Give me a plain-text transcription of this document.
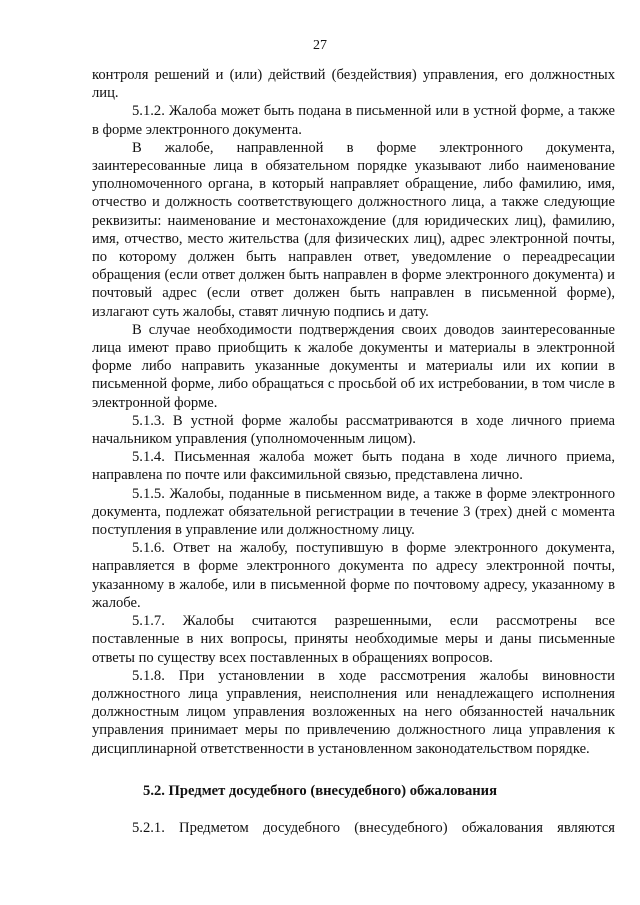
27

контроля решений и (или) действий (бездействия) управления, его должностных лиц.

5.1.2. Жалоба может быть подана в письменной или в устной форме, а также в форме электронного документа.

В жалобе, направленной в форме электронного документа, заинтересованные лица в обязательном порядке указывают либо наименование уполномоченного органа, в который направляет обращение, либо фамилию, имя, отчество и должность соответствующего должностного лица, а также следующие реквизиты: наименование и местонахождение (для юридических лиц), фамилию, имя, отчество, место жительства (для физических лиц), адрес электронной почты, по которому должен быть направлен ответ, уведомление о переадресации обращения (если ответ должен быть направлен в форме электронного документа) и почтовый адрес (если ответ должен быть направлен в письменной форме), излагают суть жалобы, ставят личную подпись и дату.

В случае необходимости подтверждения своих доводов заинтересованные лица имеют право приобщить к жалобе документы и материалы в электронной форме либо направить указанные документы и материалы или их копии в письменной форме, либо обращаться с просьбой об их истребовании, в том числе в электронной форме.

5.1.3. В устной форме жалобы рассматриваются в ходе личного приема начальником управления (уполномоченным лицом).

5.1.4. Письменная жалоба может быть подана в ходе личного приема, направлена по почте или факсимильной связью, представлена лично.

5.1.5. Жалобы, поданные в письменном виде, а также в форме электронного документа, подлежат обязательной регистрации в течение 3 (трех) дней с момента поступления в управление или должностному лицу.

5.1.6. Ответ на жалобу, поступившую в форме электронного документа, направляется в форме электронного документа по адресу электронной почты, указанному в жалобе, или в письменной форме по почтовому адресу, указанному в жалобе.

5.1.7. Жалобы считаются разрешенными, если рассмотрены все поставленные в них вопросы, приняты необходимые меры и даны письменные ответы по существу всех поставленных в обращениях вопросов.

5.1.8. При установлении в ходе рассмотрения жалобы виновности должностного лица управления, неисполнения или ненадлежащего исполнения должностным лицом управления возложенных на него обязанностей начальник управления принимает меры по привлечению должностного лица управления к дисциплинарной ответственности в установленном законодательством порядке.

5.2. Предмет досудебного (внесудебного) обжалования
5.2.1. Предметом досудебного (внесудебного) обжалования являются
